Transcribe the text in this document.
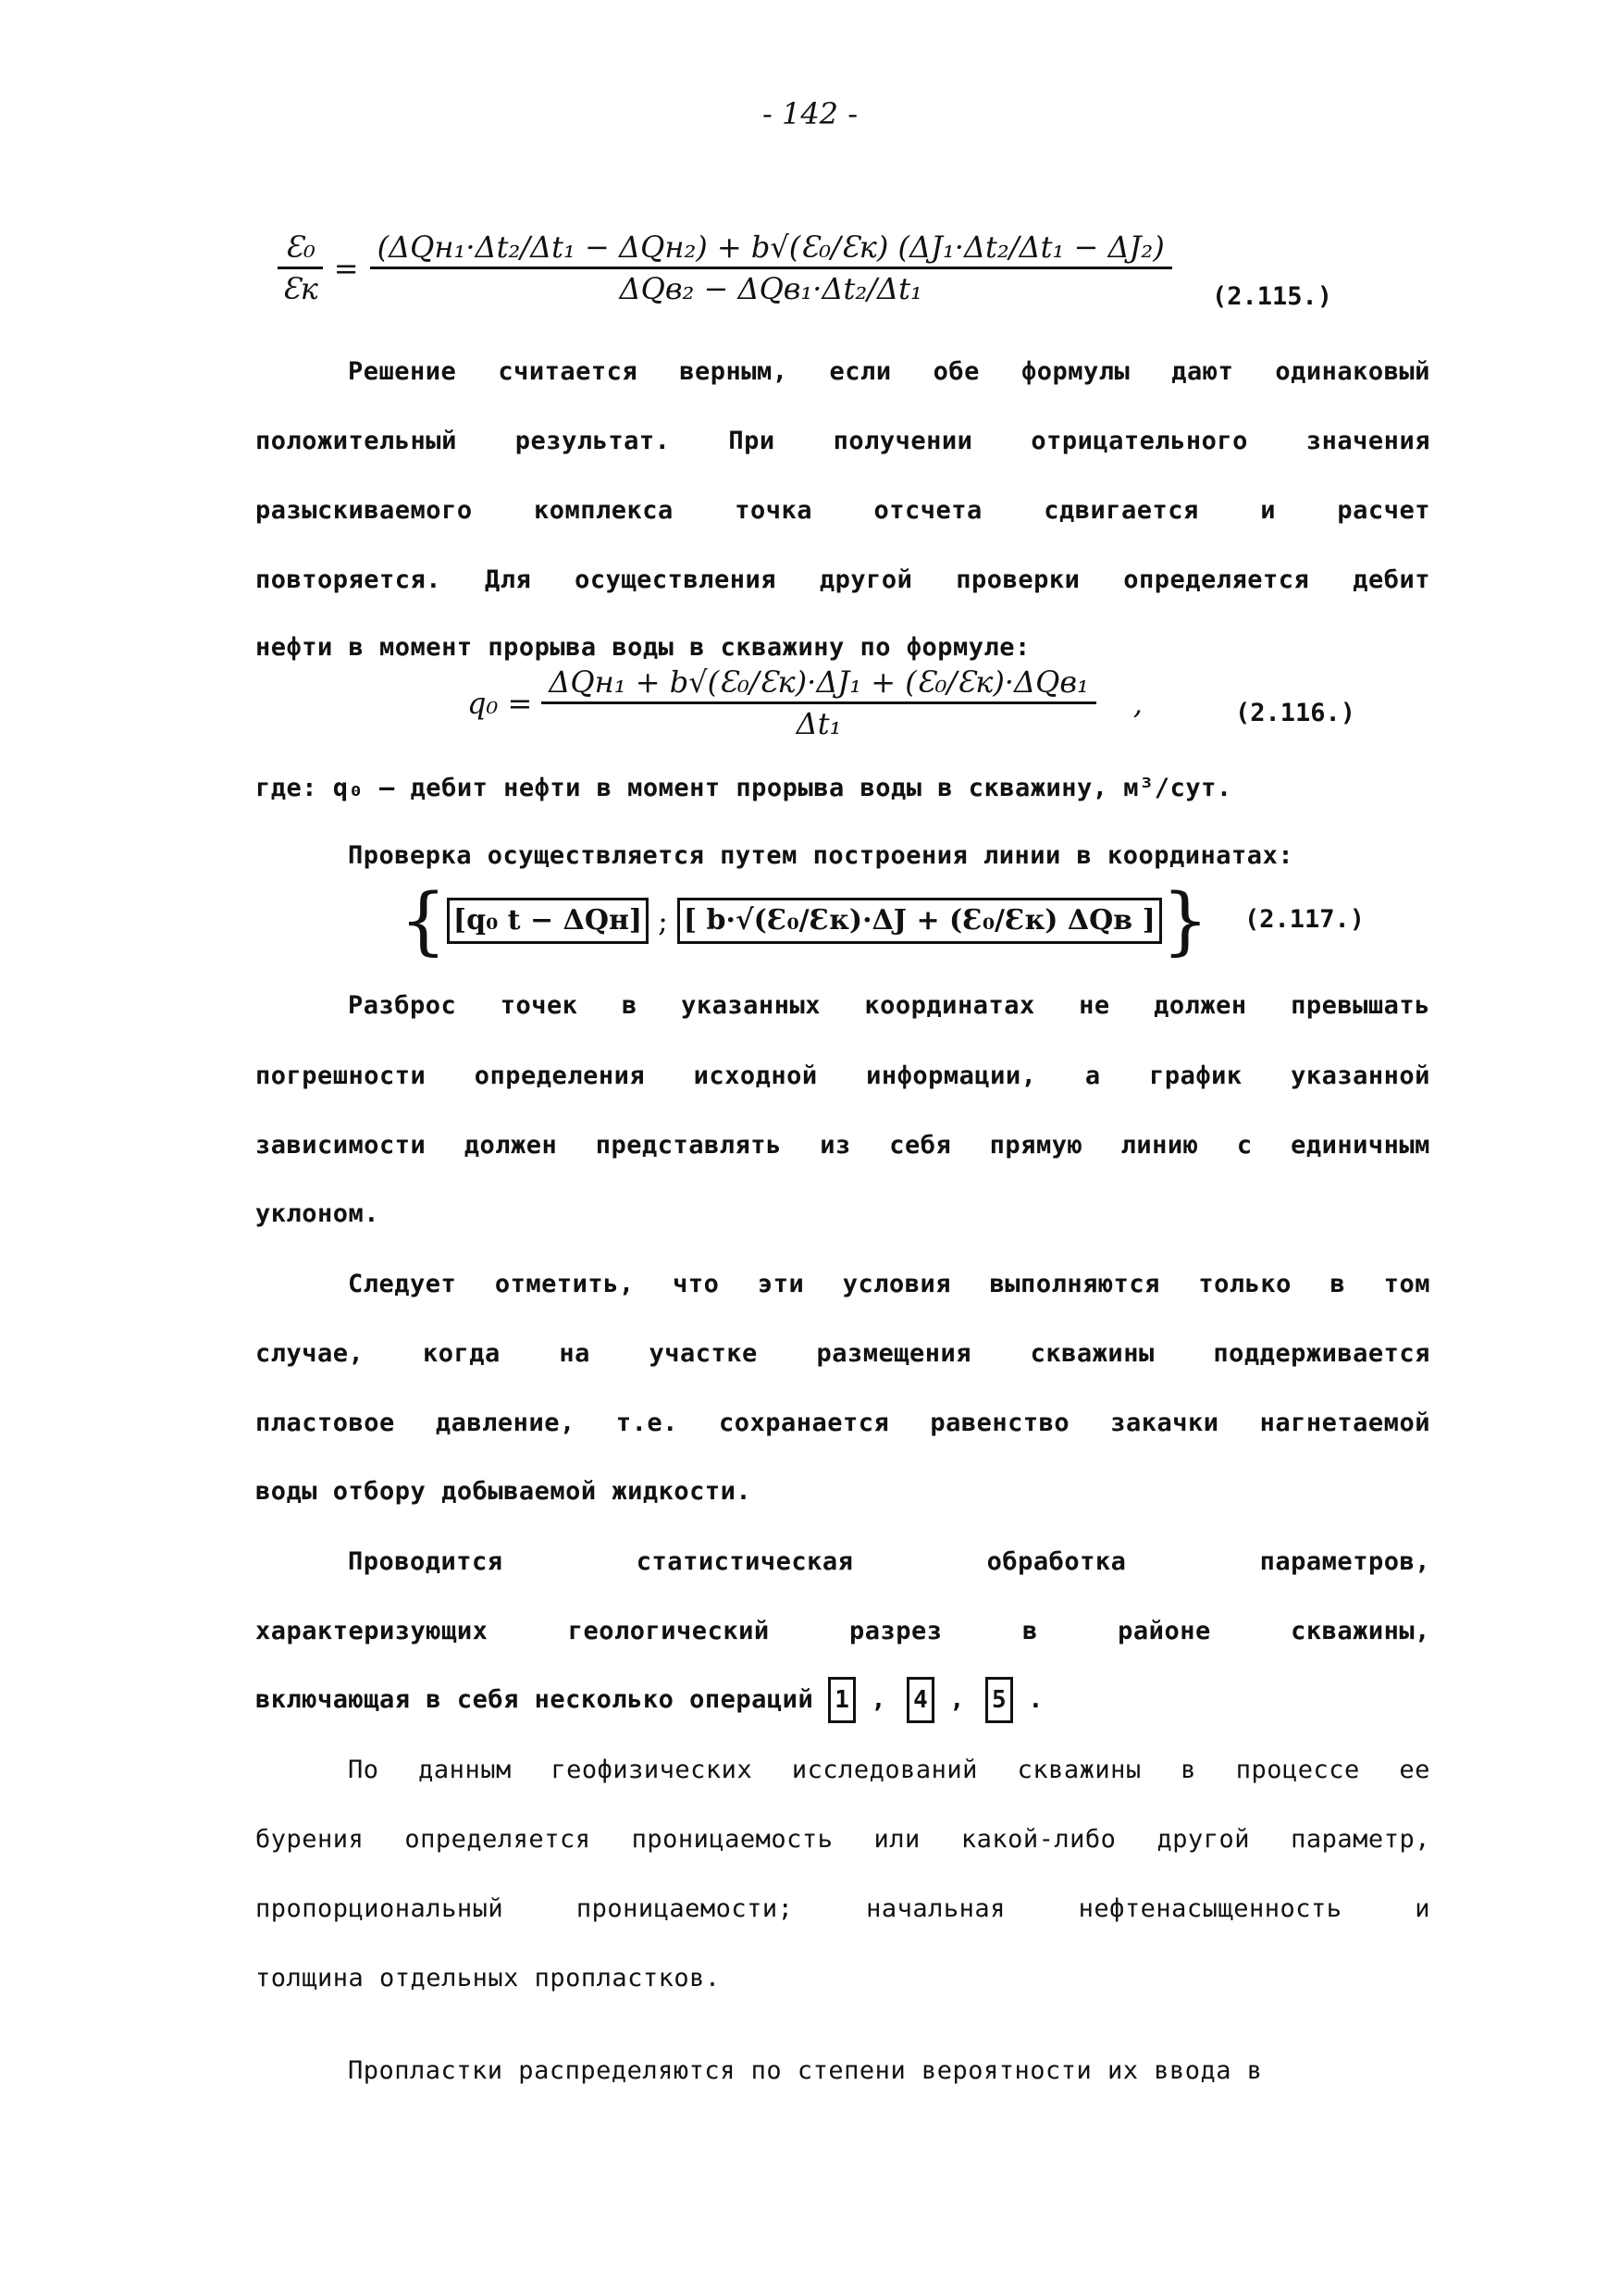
- 142 -
$\frac{\text{Ɛ₀}}{Ɛк} = \frac{\text{(ΔQн₁·Δt₂/Δt₁ − ΔQн₂) + b√(Ɛ₀/Ɛк) (ΔJ₁·Δt₂/Δt₁ − ΔJ₂)}}{\text{ΔQв₂ − ΔQв₁·Δt₂/Δt₁}} (2.115.)$
Решение считается верным, если обе формулы дают одинаковый
положительный результат. При получении отрицательного значения
разыскиваемого комплекса точка отсчета сдвигается и расчет
повторяется. Для осуществления другой проверки определяется дебит
нефти в момент прорыва воды в скважину по формуле:
$q_0 = \frac{\text{ΔQн₁ + b√(Ɛ₀/Ɛк)·ΔJ₁ + (Ɛ₀/Ɛк)·ΔQв₁}}{\text{Δt₁}}$ ,	(2.116.)
где: q₀ – дебит нефти в момент прорыва воды в скважину, м³/сут.
Проверка осуществляется путем построения линии в координатах:
{ [q₀ t − ΔQн] ; [ b·√(Ɛ₀/Ɛк)·ΔJ + (Ɛ₀/Ɛк) ΔQв ] } (2.117.)
Разброс точек в указанных координатах не должен превышать
погрешности определения исходной информации, а график указанной
зависимости должен представлять из себя прямую линию с единичным
уклоном.
Следует отметить, что эти условия выполняются только в том
случае, когда на участке размещения скважины поддерживается
пластовое давление, т.е. сохранается равенство закачки нагнетаемой
воды отбору добываемой жидкости.
Проводится	статистическая	обработка	параметров,
характеризующих	геологический	разрез	в	районе	скважины,
включающая в себя несколько операций 1 , 4 , 5 .
По данным геофизических исследований скважины в процессе ее
бурения определяется проницаемость или какой-либо другой параметр,
пропорциональный	проницаемости;	начальная	нефтенасыщенность	и
толщина отдельных пропластков.
Пропластки распределяются по степени вероятности их ввода в
